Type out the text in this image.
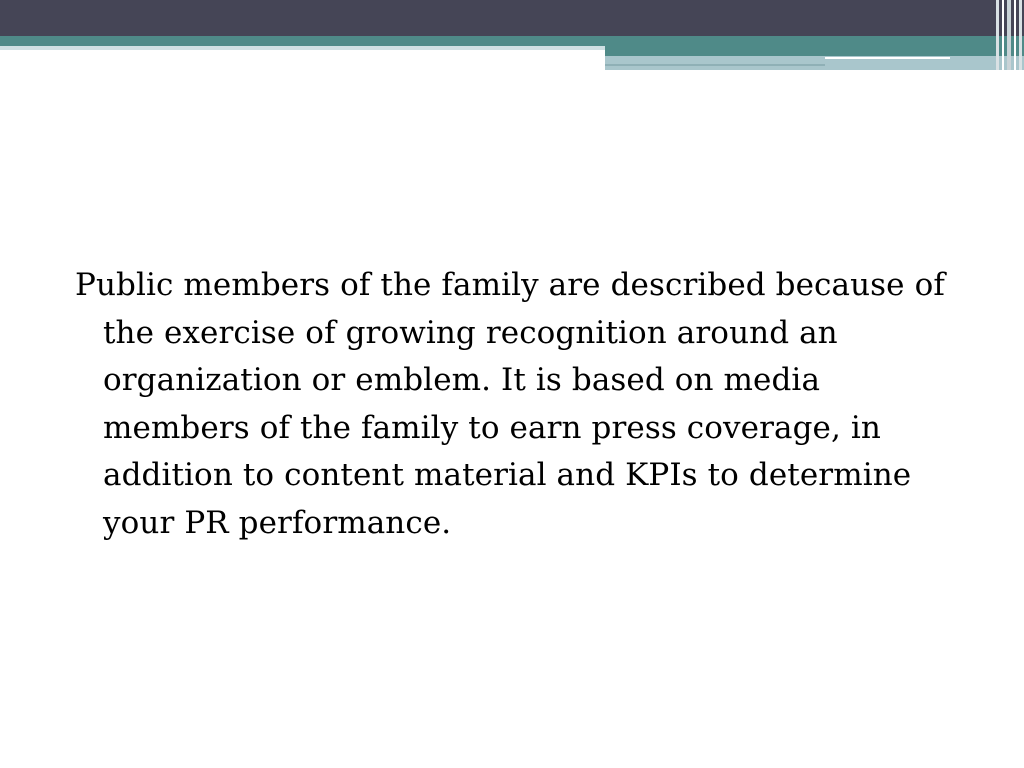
Public members of the family are described because of the exercise of growing recognition around an organization or emblem. It is based on media members of the family to earn press coverage, in addition to content material and KPIs to determine your PR performance.
